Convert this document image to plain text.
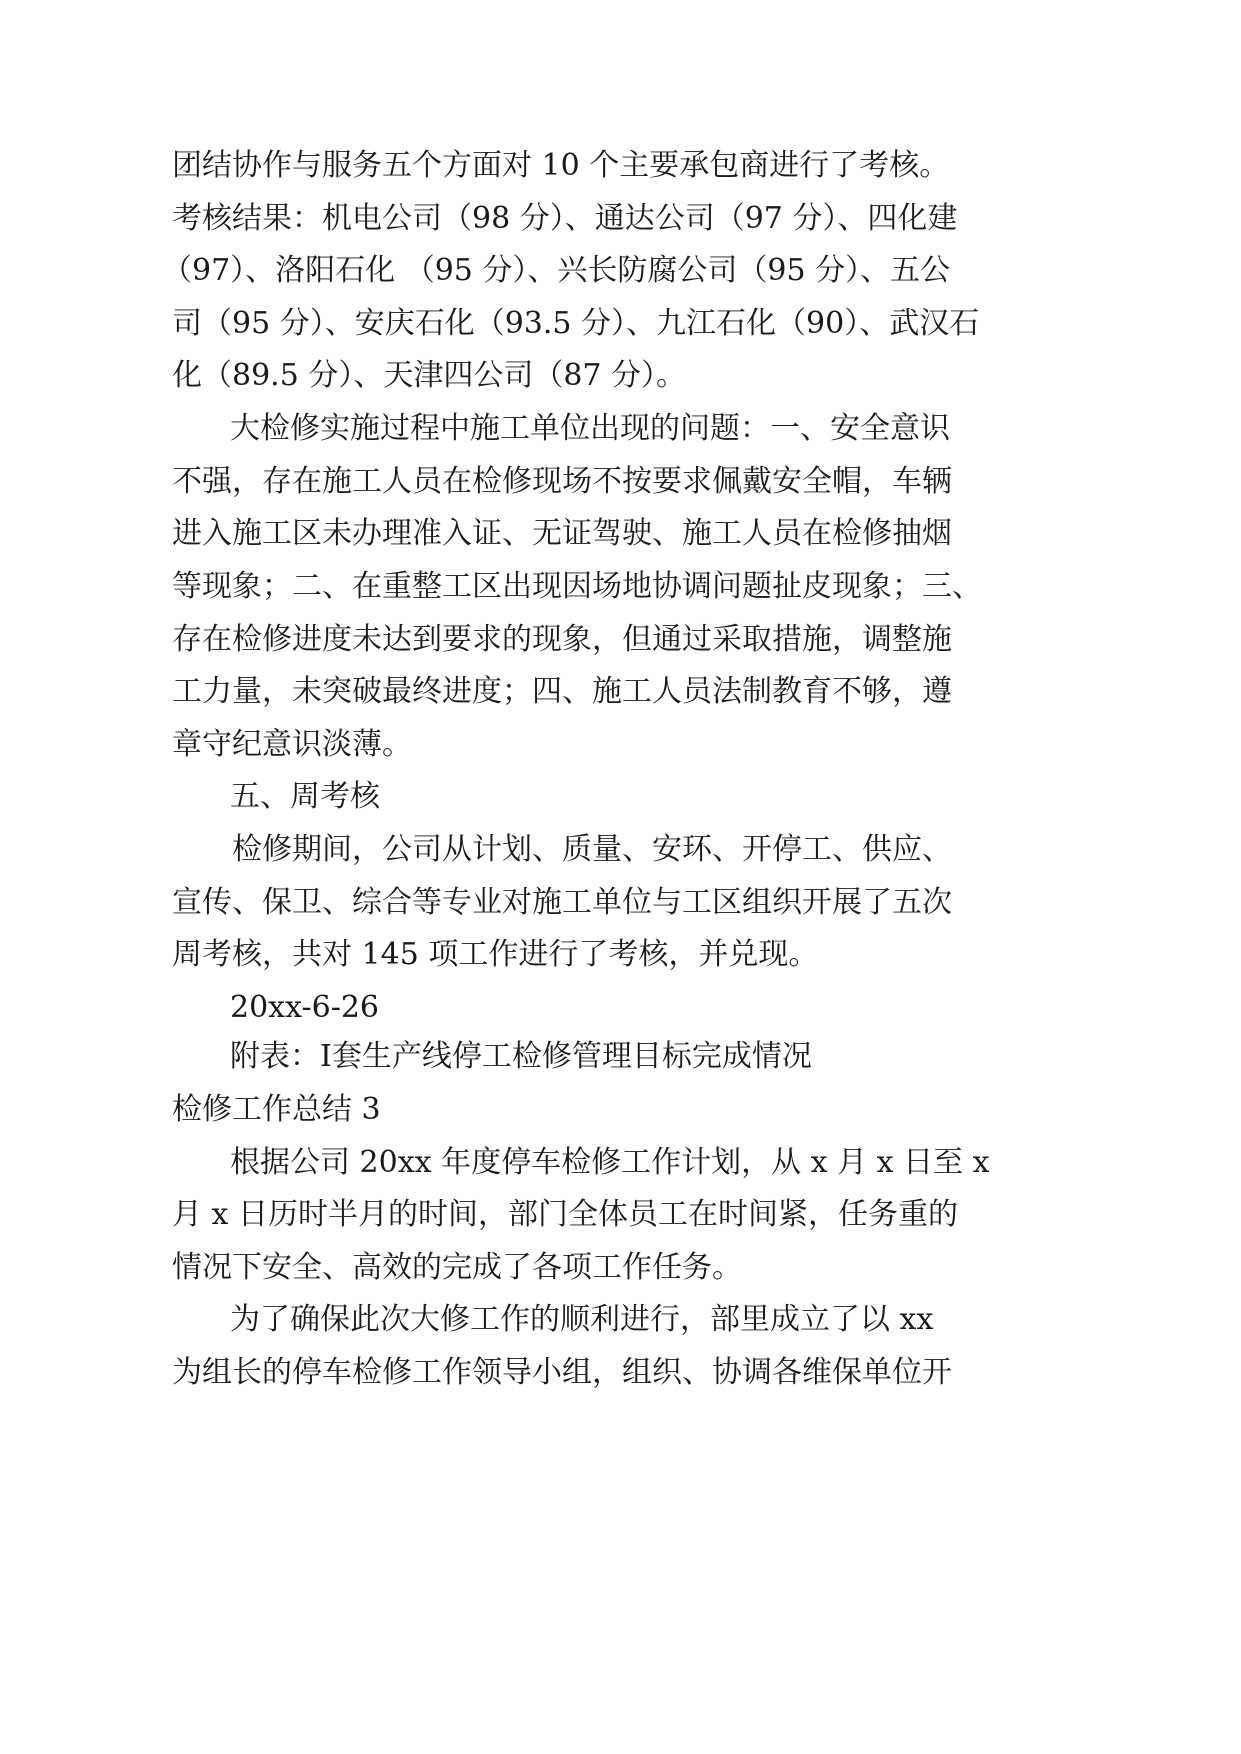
团结协作与服务五个方面对 10 个主要承包商进行了考核。
考核结果：机电公司（98 分）、通达公司（97 分）、四化建
（97）、洛阳石化 （95 分）、兴长防腐公司（95 分）、五公
司（95 分）、安庆石化（93.5 分）、九江石化（90）、武汉石
化（89.5 分）、天津四公司（87 分）。
大检修实施过程中施工单位出现的问题：一、安全意识
不强，存在施工人员在检修现场不按要求佩戴安全帽，车辆
进入施工区未办理准入证、无证驾驶、施工人员在检修抽烟
等现象；二、在重整工区出现因场地协调问题扯皮现象；三、
存在检修进度未达到要求的现象，但通过采取措施，调整施
工力量，未突破最终进度；四、施工人员法制教育不够，遵
章守纪意识淡薄。
五、周考核
检修期间，公司从计划、质量、安环、开停工、供应、
宣传、保卫、综合等专业对施工单位与工区组织开展了五次
周考核，共对 145 项工作进行了考核，并兑现。
20xx-6-26
附表：Ⅰ套生产线停工检修管理目标完成情况
检修工作总结 3
根据公司 20xx 年度停车检修工作计划，从 x 月 x 日至 x
月 x 日历时半月的时间，部门全体员工在时间紧，任务重的
情况下安全、高效的完成了各项工作任务。
为了确保此次大修工作的顺利进行，部里成立了以 xx
为组长的停车检修工作领导小组，组织、协调各维保单位开
